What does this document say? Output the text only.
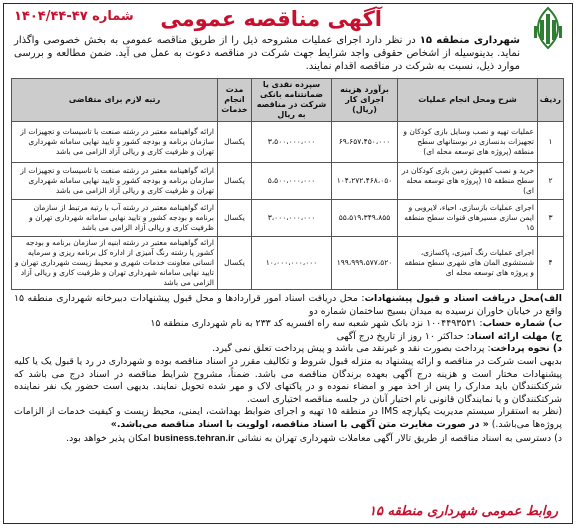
آگهی مناقصه عمومی
شماره ۴۷-۱۴۰۴/۴۴
شهرداری منطقه ۱۵ در نظر دارد اجرای عملیات مشروحه ذیل را از طریق مناقصه عمومی به بخش خصوصی واگذار نماید. بدینوسیله از اشخاص حقوقی واجد شرایط جهت شرکت در مناقصه دعوت به عمل می آید. ضمن مطالعه و بررسی موارد ذیل، نسبت به شرکت در مناقصه اقدام نمایند.
ردیف	شرح ومحل انجام عملیات	برآورد هزینه اجرای کار (ریال)	سپرده نقدی یا ضمانتنامه بانکی شرکت در مناقصه به ریال	مدت انجام خدمات	رتبه لازم برای متقاضی
۱	عملیات تهیه و نصب وسایل بازی کودکان و تجهیزات بدنسازی در بوستانهای سطح منطقه (پروژه های توسعه محله ای)	۶۹،۶۵۷،۴۵۰،۰۰۰	۳،۵۰۰،۰۰۰،۰۰۰	یکسال	ارائه گواهینامه معتبر در رشته صنعت با تاسیسات و تجهیزات از سازمان برنامه و بودجه کشور و تایید نهایی سامانه شهرداری تهران و ظرفیت کاری و ریالی آزاد الزامی می باشد
۲	خرید و نصب کفپوش زمین بازی کودکان در سطح منطقه ۱۵ (پروژه های توسعه محله ای)	۱۰۴،۲۷۲،۴۶۸،۰۵۰	۵،۵۰۰،۰۰۰،۰۰۰	یکسال	ارائه گواهینامه معتبر در رشته صنعت با تاسیسات و تجهیزات از سازمان برنامه و بودجه کشور و تایید نهایی سامانه شهرداری تهران و ظرفیت کاری و ریالی آزاد الزامی می باشد
۳	اجرای عملیات بازسازی، احیاء، لایروبی و ایمن سازی مسیرهای قنوات سطح منطقه ۱۵	۵۵،۵۱۹،۳۴۹،۸۵۵	۳،۰۰۰،۰۰۰،۰۰۰	یکسال	ارائه گواهینامه معتبر در رشته آب با رتبه مرتبط از سازمان برنامه و بودجه کشور و تایید نهایی سامانه شهرداری تهران و ظرفیت کاری و ریالی آزاد الزامی می باشد
۴	اجرای عملیات رنگ آمیزی، پاکسازی، شستشوی المان های شهری سطح منطقه و پروژه های توسعه محله ای	۱۹۹،۹۹۹،۵۷۷،۵۲۰	۱۰،۰۰۰،۰۰۰،۰۰۰	یکسال	ارائه گواهینامه معتبر در رشته ابنیه از سازمان برنامه و بودجه کشور یا رشته رنگ آمیزی از اداره کل برنامه ریزی و سرمایه انسانی معاونت خدمات شهری و محیط زیست شهرداری تهران و تایید نهایی سامانه شهرداری تهران و ظرفیت کاری و ریالی آزاد الزامی می باشد

الف)محل دریافت اسناد و قبول پیشنهادات: محل دریافت اسناد امور قراردادها و محل قبول پیشنهادات دبیرخانه شهرداری منطقه ۱۵ واقع در خیابان خاوران نرسیده به میدان بسیج ساختمان شماره دو

ب) شماره حساب: ۱۰۰۴۴۹۳۵۳۱ نزد بانک شهر شعبه سه راه افسریه کد ۲۳۳ به نام شهرداری منطقه ۱۵

ج) مهلت ارائه اسناد: حداکثر ۱۰ روز از تاریخ درج آگهی

د) نحوه پرداخت: پرداخت بصورت نقد و غیرنقد می باشد و پیش پرداخت تعلق نمی گیرد.

بدیهی است شرکت در مناقصه و ارائه پیشنهاد به منزله قبول شروط و تکالیف مقرر در اسناد مناقصه بوده و شهرداری در رد یا قبول یک یا کلیه پیشنهادات مختار است و هزینه درج آگهی بعهده برندگان مناقصه می باشد. ضمناً، مشروح شرایط مناقصه در اسناد درج می باشد که شرکتکنندگان باید مدارک را پس از اخذ مهر و امضاء نموده و در پاکتهای لاک و مهر شده تحویل نمایند. بدیهی است حضور یک نفر نماینده شرکتکنندگان و یا نمایندگان قانونی نام اختیار آنان در جلسه مناقصه اختیاری است.

(نظر به استقرار سیستم مدیریت یکپارچه IMS در منطقه ۱۵ تهیه و اجرای ضوابط بهداشت، ایمنی، محیط زیست و کیفیت خدمات از الزامات پروژه‌ها می‌باشد.) « در صورت مغایرت متن آگهی با اسناد مناقصه، اولویت با اسناد مناقصه می‌باشد.»

د) دسترسی به اسناد مناقصه از طریق تالار آگهی معاملات شهرداری تهران به نشانی business.tehran.ir امکان پذیر خواهد بود.

روابط عمومی شهرداری منطقه ۱۵
